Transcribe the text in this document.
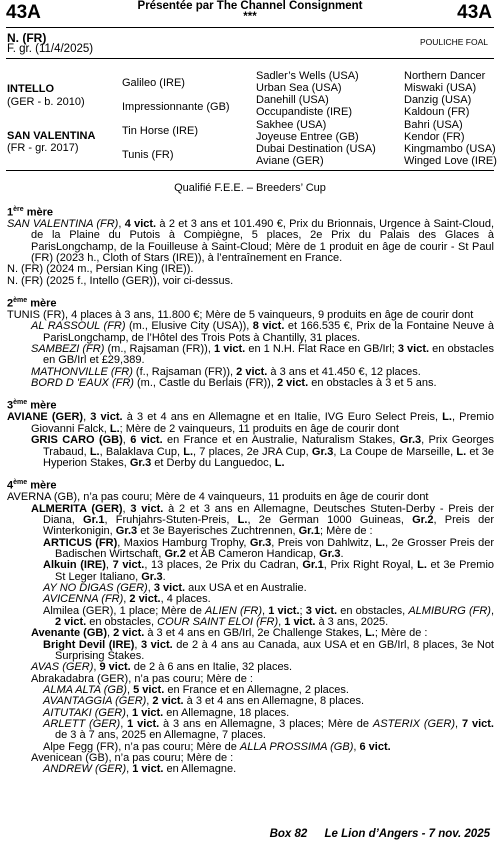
43A	Présentée par The Channel Consignment
***	43A
N. (FR)
F. gr. (11/4/2025)
POULICHE FOAL
INTELLO
(GER - b. 2010)
SAN VALENTINA
(FR - gr. 2017)
Galileo (IRE)
Impressionnante (GB)
Tin Horse (IRE)
Tunis (FR)
Sadler’s Wells (USA)
Urban Sea (USA)
Danehill (USA)
Occupandiste (IRE)
Sakhee (USA)
Joyeuse Entree (GB)
Dubai Destination (USA)
Aviane (GER)
Northern Dancer
Miswaki (USA)
Danzig (USA)
Kaldoun (FR)
Bahri (USA)
Kendor (FR)
Kingmambo (USA)
Winged Love (IRE)
Qualifié F.E.E. – Breeders’ Cup

1ère mère

SAN VALENTINA (FR), 4 vict. à 2 et 3 ans et 101.490 €, Prix du Brionnais, Urgence à Saint-Cloud, de la Plaine du Putois à Compiègne, 5 places, 2e Prix du Palais des Glaces à ParisLongchamp, de la Fouilleuse à Saint-Cloud; Mère de 1 produit en âge de courir - St Paul (FR) (2023 h., Cloth of Stars (IRE)), à l’entraînement en France.

N. (FR) (2024 m., Persian King (IRE)).

N. (FR) (2025 f., Intello (GER)), voir ci-dessus.

2ème mère

TUNIS (FR), 4 places à 3 ans, 11.800 €; Mère de 5 vainqueurs, 9 produits en âge de courir dont

AL RASSOUL (FR) (m., Elusive City (USA)), 8 vict. et 166.535 €, Prix de la Fontaine Neuve à ParisLongchamp, de l’Hôtel des Trois Pots à Chantilly, 31 places.

SAMBEZI (FR) (m., Rajsaman (FR)), 1 vict. en 1 N.H. Flat Race en GB/Irl; 3 vict. en obstacles en GB/Irl et £29,389.

MATHONVILLE (FR) (f., Rajsaman (FR)), 2 vict. à 3 ans et 41.450 €, 12 places.

BORD D 'EAUX (FR) (m., Castle du Berlais (FR)), 2 vict. en obstacles à 3 et 5 ans.

3ème mère

AVIANE (GER), 3 vict. à 3 et 4 ans en Allemagne et en Italie, IVG Euro Select Preis, L., Premio Giovanni Falck, L.; Mère de 2 vainqueurs, 11 produits en âge de courir dont

GRIS CARO (GB), 6 vict. en France et en Australie, Naturalism Stakes, Gr.3, Prix Georges Trabaud, L., Balaklava Cup, L., 7 places, 2e JRA Cup, Gr.3, La Coupe de Marseille, L. et 3e Hyperion Stakes, Gr.3 et Derby du Languedoc, L.

4ème mère

AVERNA (GB), n’a pas couru; Mère de 4 vainqueurs, 11 produits en âge de courir dont

ALMERITA (GER), 3 vict. à 2 et 3 ans en Allemagne, Deutsches Stuten-Derby - Preis der Diana, Gr.1, Fruhjahrs-Stuten-Preis, L., 2e German 1000 Guineas, Gr.2, Preis der Winterkonigin, Gr.3 et 3e Bayerisches Zuchtrennen, Gr.1; Mère de :

ARTICUS (FR), Maxios Hamburg Trophy, Gr.3, Preis von Dahlwitz, L., 2e Grosser Preis der Badischen Wirtschaft, Gr.2 et AB Cameron Handicap, Gr.3.

Alkuin (IRE), 7 vict., 13 places, 2e Prix du Cadran, Gr.1, Prix Right Royal, L. et 3e Premio St Leger Italiano, Gr.3.

AY NO DIGAS (GER), 3 vict. aux USA et en Australie.

AVICENNA (FR), 2 vict., 4 places.

Almilea (GER), 1 place; Mère de ALIEN (FR), 1 vict.; 3 vict. en obstacles, ALMIBURG (FR), 2 vict. en obstacles, COUR SAINT ELOI (FR), 1 vict. à 3 ans, 2025.

Avenante (GB), 2 vict. à 3 et 4 ans en GB/Irl, 2e Challenge Stakes, L.; Mère de :

Bright Devil (IRE), 3 vict. de 2 à 4 ans au Canada, aux USA et en GB/Irl, 8 places, 3e Not Surprising Stakes.

AVAS (GER), 9 vict. de 2 à 6 ans en Italie, 32 places.

Abrakadabra (GER), n’a pas couru; Mère de :

ALMA ALTA (GB), 5 vict. en France et en Allemagne, 2 places.

AVANTAGGIA (GER), 2 vict. à 3 et 4 ans en Allemagne, 8 places.

AITUTAKI (GER), 1 vict. en Allemagne, 18 places.

ARLETT (GER), 1 vict. à 3 ans en Allemagne, 3 places; Mère de ASTERIX (GER), 7 vict. de 3 à 7 ans, 2025 en Allemagne, 7 places.

Alpe Fegg (FR), n’a pas couru; Mère de ALLA PROSSIMA (GB), 6 vict.

Avenicean (GB), n’a pas couru; Mère de :

ANDREW (GER), 1 vict. en Allemagne.

Box 82 Le Lion d’Angers - 7 nov. 2025
